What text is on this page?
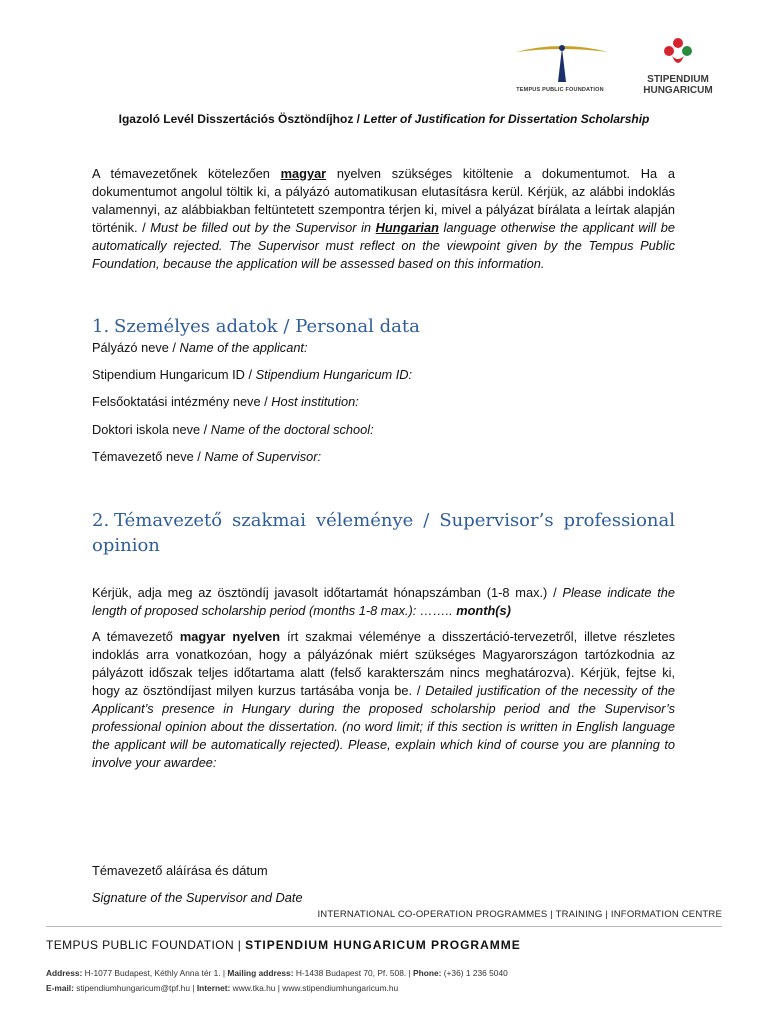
TEMPUS PUBLIC FOUNDATION
STIPENDIUM
HUNGARICUM
Igazoló Levél Disszertációs Ösztöndíjhoz / Letter of Justification for Dissertation Scholarship

A témavezetőnek kötelezően magyar nyelven szükséges kitöltenie a dokumentumot. Ha a dokumentumot angolul töltik ki, a pályázó automatikusan elutasításra kerül. Kérjük, az alábbi indoklás valamennyi, az alábbiakban feltüntetett szempontra térjen ki, mivel a pályázat bírálata a leírtak alapján történik. / Must be filled out by the Supervisor in Hungarian language otherwise the applicant will be automatically rejected. The Supervisor must reflect on the viewpoint given by the Tempus Public Foundation, because the application will be assessed based on this information.

1. Személyes adatok / Personal data
Pályázó neve / Name of the applicant:
Stipendium Hungaricum ID / Stipendium Hungaricum ID:
Felsőoktatási intézmény neve / Host institution:
Doktori iskola neve / Name of the doctoral school:
Témavezető neve / Name of Supervisor:
2. Témavezető szakmai véleménye / Supervisor’s professional opinion

Kérjük, adja meg az ösztöndíj javasolt időtartamát hónapszámban (1-8 max.) / Please indicate the length of proposed scholarship period (months 1-8 max.): …….. month(s)

A témavezető magyar nyelven írt szakmai véleménye a disszertáció-tervezetről, illetve részletes indoklás arra vonatkozóan, hogy a pályázónak miért szükséges Magyarországon tartózkodnia az pályázott időszak teljes időtartama alatt (felső karakterszám nincs meghatározva). Kérjük, fejtse ki, hogy az ösztöndíjast milyen kurzus tartásába vonja be. / Detailed justification of the necessity of the Applicant’s presence in Hungary during the proposed scholarship period and the Supervisor’s professional opinion about the dissertation. (no word limit; if this section is written in English language the applicant will be automatically rejected). Please, explain which kind of course you are planning to involve your awardee:

Témavezető aláírása és dátum
Signature of the Supervisor and Date
INTERNATIONAL CO-OPERATION PROGRAMMES | TRAINING | INFORMATION CENTRE
TEMPUS PUBLIC FOUNDATION | STIPENDIUM HUNGARICUM PROGRAMME
Address: H-1077 Budapest, Kéthly Anna tér 1. | Mailing address: H-1438 Budapest 70, Pf. 508. | Phone: (+36) 1 236 5040
E-mail: stipendiumhungaricum@tpf.hu | Internet: www.tka.hu | www.stipendiumhungaricum.hu
